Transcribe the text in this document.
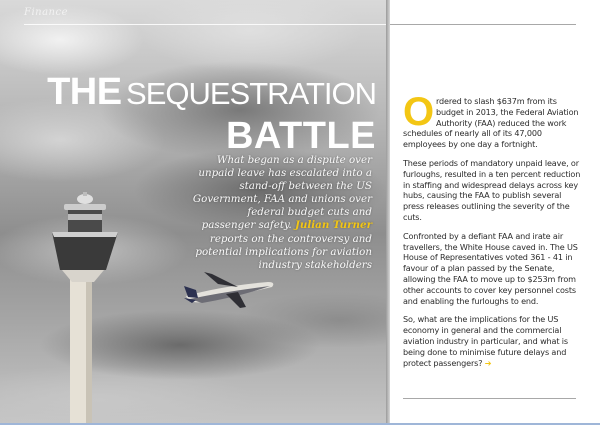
Finance
THE SEQUESTRATION
BATTLE
What began as a dispute over unpaid leave has escalated into a stand-off between the US Government, FAA and unions over federal budget cuts and passenger safety. Julian Turner reports on the controversy and potential implications for aviation industry stakeholders

Ordered to slash $637m from its budget in 2013, the Federal Aviation Authority (FAA) reduced the work schedules of nearly all of its 47,000 employees by one day a fortnight.

These periods of mandatory unpaid leave, or furloughs, resulted in a ten percent reduction in staffing and widespread delays across key hubs, causing the FAA to publish several press releases outlining the severity of the cuts.

Confronted by a defiant FAA and irate air travellers, the White House caved in. The US House of Representatives voted 361 - 41 in favour of a plan passed by the Senate, allowing the FAA to move up to $253m from other accounts to cover key personnel costs and enabling the furloughs to end.

So, what are the implications for the US economy in general and the commercial aviation industry in particular, and what is being done to minimise future delays and protect passengers? ➔
